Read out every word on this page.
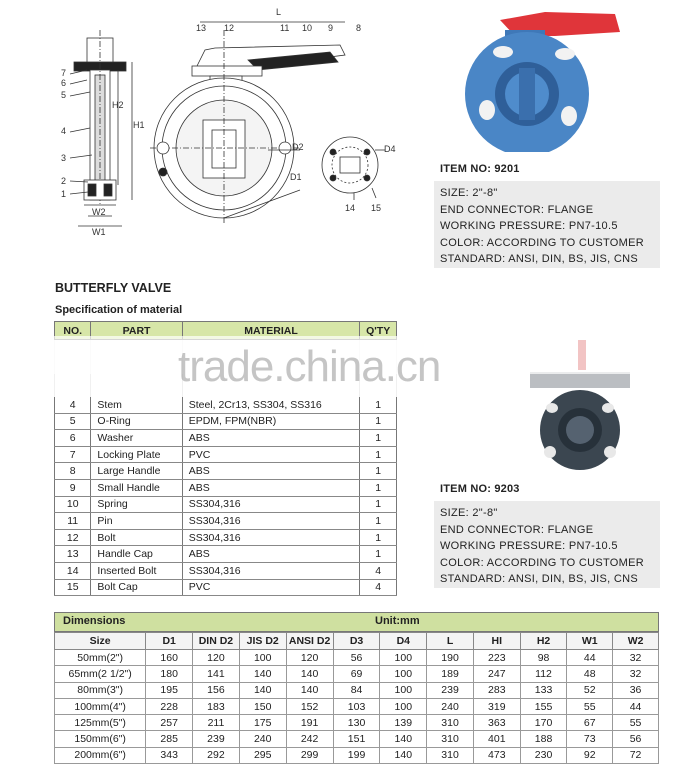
7
6
5
4
3
2
1
H2
H1
W2
W1
L
13 12	11 10 9	8
D2
D1
D4
14 15
ITEM NO: 9201
SIZE: 2"-8"
END CONNECTOR: FLANGE
WORKING PRESSURE: PN7-10.5
COLOR: ACCORDING TO CUSTOMER
STANDARD: ANSI, DIN, BS, JIS, CNS
ITEM NO: 9203
SIZE: 2"-8"
END CONNECTOR: FLANGE
WORKING PRESSURE: PN7-10.5
COLOR: ACCORDING TO CUSTOMER
STANDARD: ANSI, DIN, BS, JIS, CNS
BUTTERFLY VALVE
Specification of material
NO.	PART	MATERIAL	Q'TY

4	Stem	Steel, 2Cr13, SS304, SS316	1
5	O-Ring	EPDM, FPM(NBR)	1
6	Washer	ABS	1
7	Locking Plate	PVC	1
8	Large Handle	ABS	1
9	Small Handle	ABS	1
10	Spring	SS304,316	1
11	Pin	SS304,316	1
12	Bolt	SS304,316	1
13	Handle Cap	ABS	1
14	Inserted Bolt	SS304,316	4
15	Bolt Cap	PVC	4
trade.china.cn
Dimensions	Unit:mm
Size	D1	DIN D2	JIS D2	ANSI D2	D3	D4	L	HI	H2	W1	W2
50mm(2")	160	120	100	120	56	100	190	223	98	44	32
65mm(2 1/2")	180	141	140	140	69	100	189	247	112	48	32
80mm(3")	195	156	140	140	84	100	239	283	133	52	36
100mm(4")	228	183	150	152	103	100	240	319	155	55	44
125mm(5")	257	211	175	191	130	139	310	363	170	67	55
150mm(6")	285	239	240	242	151	140	310	401	188	73	56
200mm(6")	343	292	295	299	199	140	310	473	230	92	72
